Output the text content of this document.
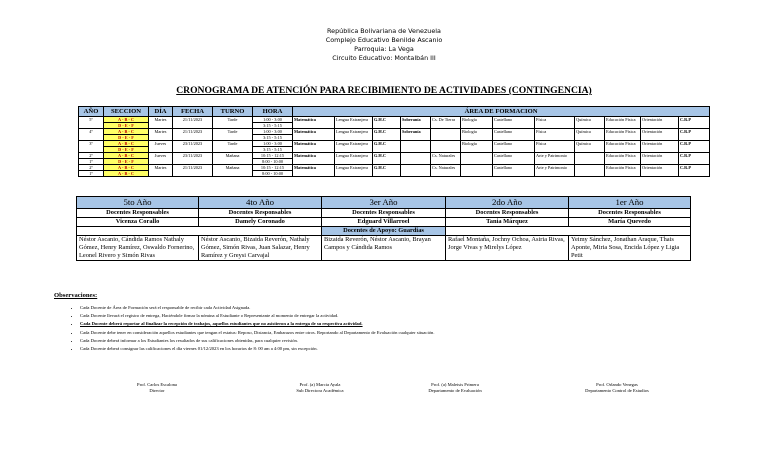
República Bolivariana de Venezuela
Complejo Educativo Benilde Ascanio
Parroquia: La Vega
Circuito Educativo: Montalbán III
CRONOGRAMA DE ATENCIÓN PARA RECIBIMIENTO DE ACTIVIDADES (CONTINGENCIA)
AÑO	SECCION	DÍA	FECHA	TURNO	HORA	ÁREA DE FORMACION											
5º	A - B - C	Martes	21/11/2023	Tarde	1:00 - 3:00	Matemática	Lengua Extranjera	G.H.C	Soberanía	Cs. De Tierra	Biología	Castellano	Física	Química	Educación Física	Orientación	C.R.P
	D - E - F				3:15 - 5:15												
4º	A - B - C	Martes	21/11/2023	Tarde	1:00 - 3:00	Matemática	Lengua Extranjera	G.H.C	Soberanía		Biología	Castellano	Física	Química	Educación Física	Orientación	C.R.P
	D - E - F				3:15 - 5:15												
3º	A - B - C	Jueves	23/11/2023	Tarde	1:00 - 3:00	Matemática	Lengua Extranjera	G.H.C			Biología	Castellano	Física	Química	Educación Física	Orientación	C.R.P
	D - E - F				3:15 - 5:15												
2º	A - B - C	Jueves	23/11/2023	Mañana	10:15 - 12:15	Matemática	Lengua Extranjera	G.H.C		Cs. Naturales		Castellano	Arte y Patrimonio		Educación Física	Orientación	C.R.P
1º	D - E - F				8:00 - 10:00												
2º	A - B - C	Martes	21/11/2023	Mañana	10:15 - 12:15	Matemática	Lengua Extranjera	G.H.C		Cs. Naturales		Castellano	Arte y Patrimonio		Educación Física	Orientación	C.R.P
1º	A - B - C				8:00 - 10:00												
5to Año	4to Año	3er Año	2do Año	1er Año
Docentes Responsables	Docentes Responsables	Docentes Responsables	Docentes Responsables	Docentes Responsables
Vicenza Corallo	Damely Coronado	Edguard Villarroel	Tania Márquez	María Quevedo
		Docentes de Apoyo: Guardias		
Néstor Ascanio, Cándida Ramos Nathaly Gómez, Henry Ramírez, Oswaldo Fornerino, Leonel Rivero y Simón Rivas	Néstor Ascanio, Bizaida Reverón, Nathaly Gómez, Simón Rivas, Juan Salazar, Henry Ramírez y Greysi Carvajal	Bizaida Reverón, Néstor Ascanio, Brayan Campos y Cándida Ramos	Rafael Montaña, Jochny Ochoa, Asiria Rivas, Jorge Vivas y Mirelys López	Yeimy Sánchez, Jonathan Araque, Thais Aponte, Miria Sosa, Encida López y Ligia Petit
Observaciones:
• Cada Docente de Área de Formación será el responsable de recibir cada Actividad Asignada.
• Cada Docente llevará el registro de entrega, Haciéndole firmar la nómina al Estudiante o Representante al momento de entregar la actividad.
• Cada Docente deberá reportar al finalizar la recepción de trabajos, aquellos estudiantes que no asistieron a la entrega de su respectiva actividad.
• Cada Docente debe tener en consideración aquellos estudiantes que tengan el estatus: Reposo, Distancia, Embarazos entre otros. Reportando al Departamento de Evaluación cualquier situación.
• Cada Docente deberá informar a los Estudiantes los resultados de sus calificaciones obtenidas, para cualquier revisión.
• Cada Docente deberá consignar las calificaciones el día viernes 01/12/2023 en los horarios de 8: 00 am a 4:00 pm, sin excepción.
Prof. Carlos Escalona
Director
Prof. (a) Marcia Ayala
Sub Directora Académica
Prof. (a) Maleisis Primera
Departamento de Evaluación
Prof. Orlando Venegas
Departamento Control de Estudios
